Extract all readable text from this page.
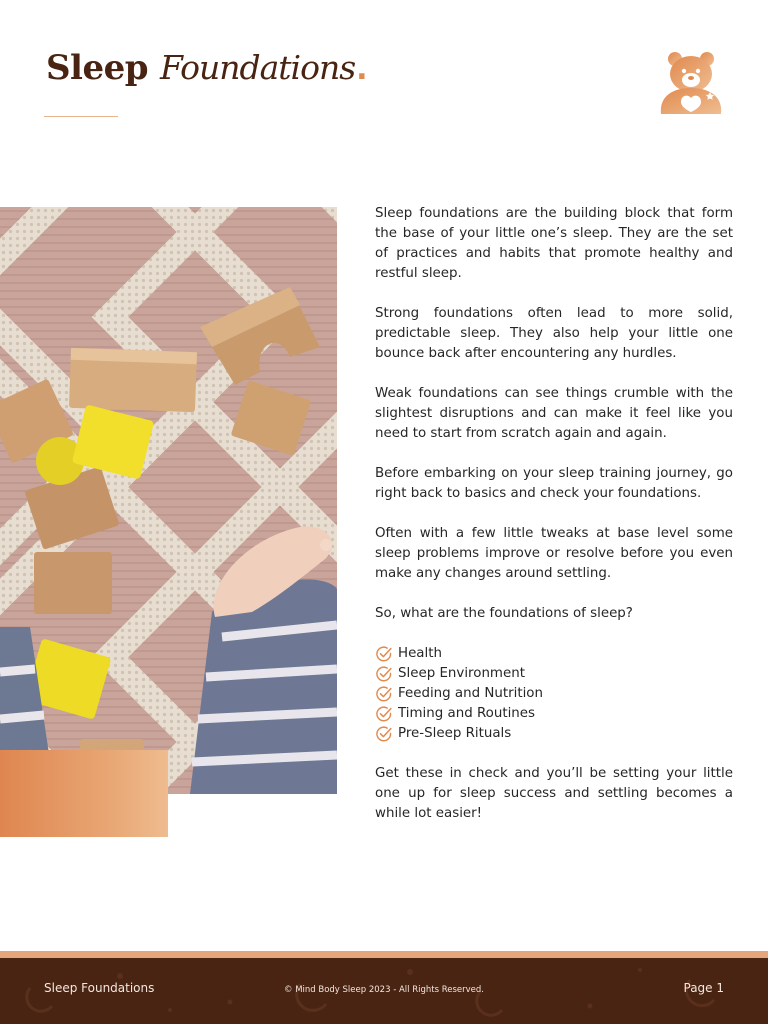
Sleep Foundations .

Sleep foundations are the building block that form the base of your little one’s sleep. They are the set of practices and habits that promote healthy and restful sleep.

Strong foundations often lead to more solid, predictable sleep. They also help your little one bounce back after encountering any hurdles.

Weak foundations can see things crumble with the slightest disruptions and can make it feel like you need to start from scratch again and again.

Before embarking on your sleep training journey, go right back to basics and check your foundations.

Often with a few little tweaks at base level some sleep problems improve or resolve before you even make any changes around settling.

So, what are the foundations of sleep?

Health
Sleep Environment
Feeding and Nutrition
Timing and Routines
Pre-Sleep Rituals

Get these in check and you’ll be setting your little one up for sleep success and settling becomes a while lot easier!

Sleep Foundations	© Mind Body Sleep 2023 - All Rights Reserved.	Page 1
